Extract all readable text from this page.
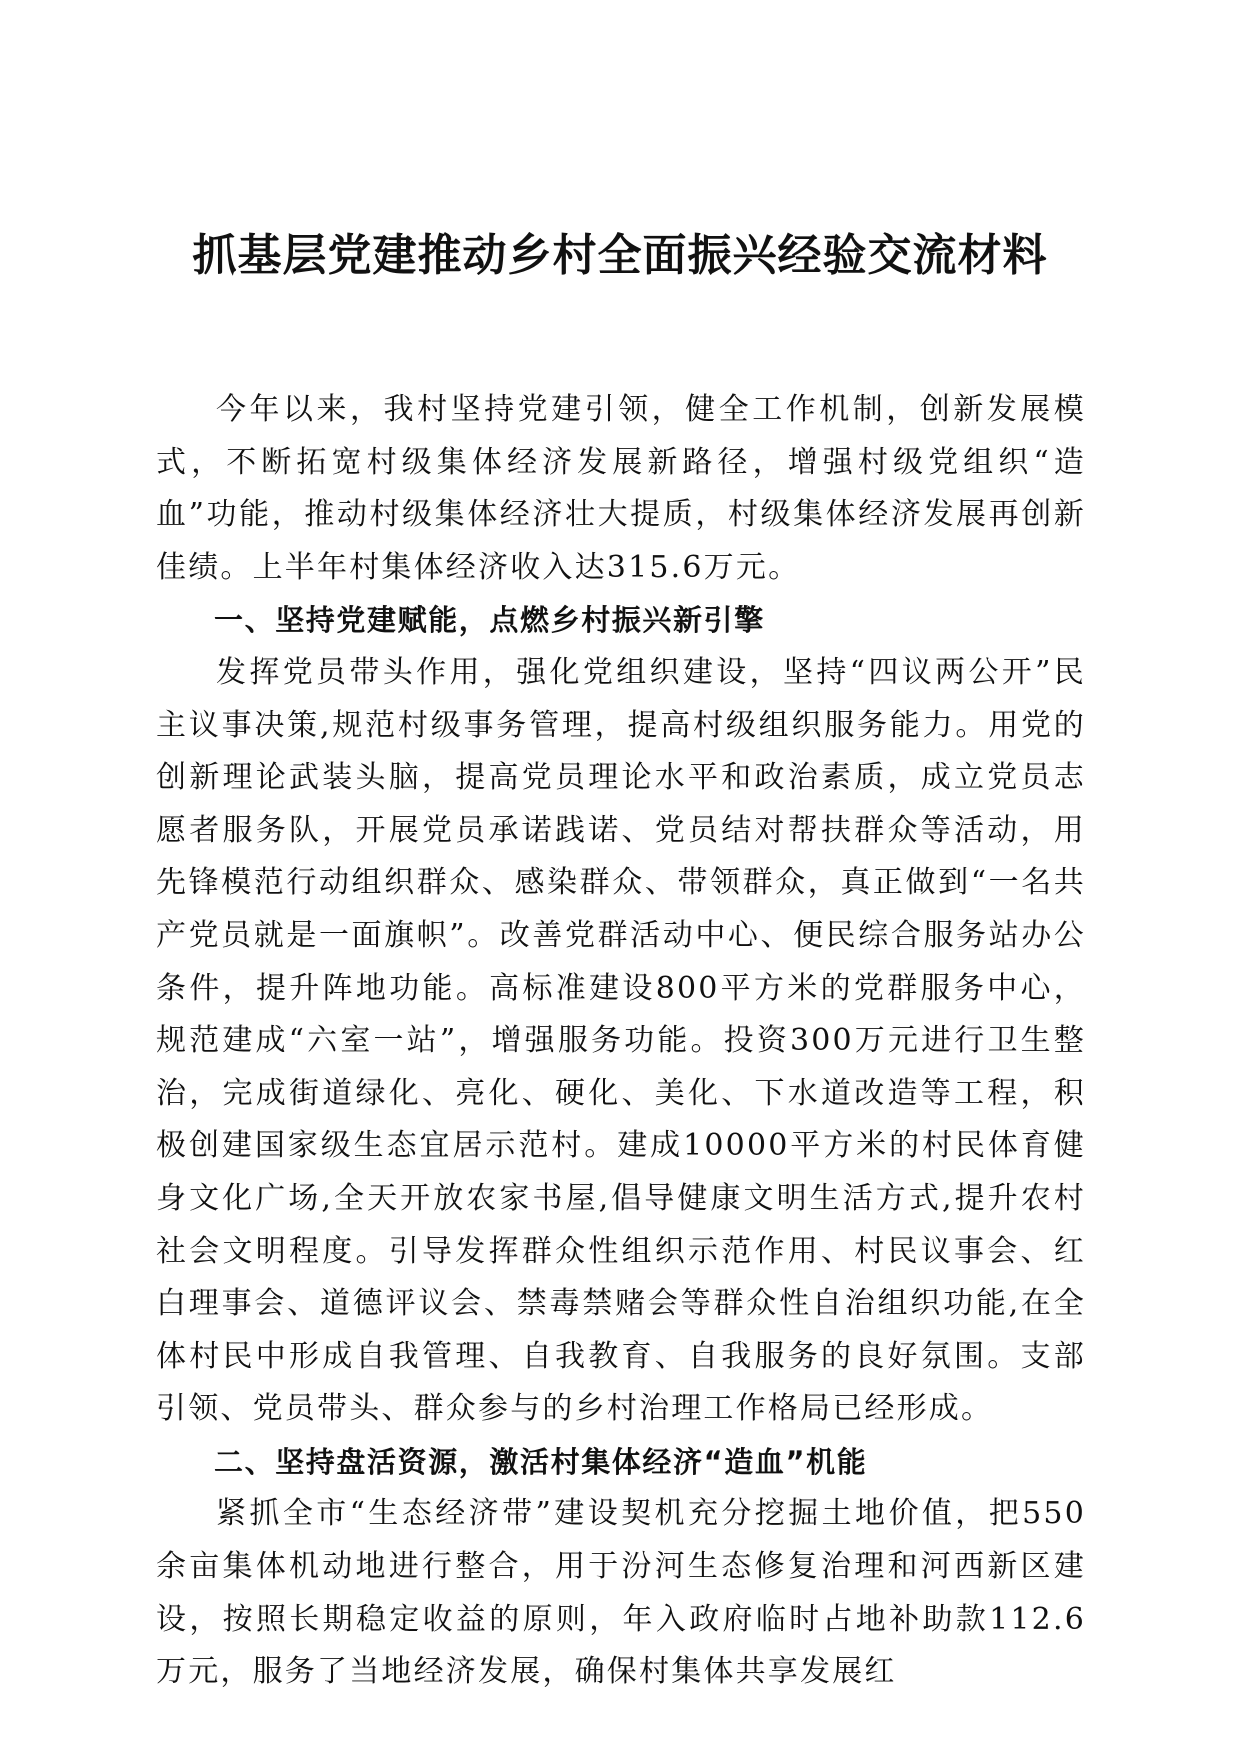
抓基层党建推动乡村全面振兴经验交流材料

今年以来，我村坚持党建引领，健全工作机制，创新发展模式，不断拓宽村级集体经济发展新路径，增强村级党组织“造血”功能，推动村级集体经济壮大提质，村级集体经济发展再创新佳绩。上半年村集体经济收入达315.6万元。

一、坚持党建赋能，点燃乡村振兴新引擎

发挥党员带头作用，强化党组织建设，坚持“四议两公开”民主议事决策,规范村级事务管理，提高村级组织服务能力。用党的创新理论武装头脑，提高党员理论水平和政治素质，成立党员志愿者服务队，开展党员承诺践诺、党员结对帮扶群众等活动，用先锋模范行动组织群众、感染群众、带领群众，真正做到“一名共产党员就是一面旗帜”。改善党群活动中心、便民综合服务站办公条件，提升阵地功能。高标准建设800平方米的党群服务中心，规范建成“六室一站”，增强服务功能。投资300万元进行卫生整治，完成街道绿化、亮化、硬化、美化、下水道改造等工程，积极创建国家级生态宜居示范村。建成10000平方米的村民体育健身文化广场,全天开放农家书屋,倡导健康文明生活方式,提升农村社会文明程度。引导发挥群众性组织示范作用、村民议事会、红白理事会、道德评议会、禁毒禁赌会等群众性自治组织功能,在全体村民中形成自我管理、自我教育、自我服务的良好氛围。支部引领、党员带头、群众参与的乡村治理工作格局已经形成。

二、坚持盘活资源，激活村集体经济“造血”机能

紧抓全市“生态经济带”建设契机充分挖掘土地价值，把550余亩集体机动地进行整合，用于汾河生态修复治理和河西新区建设，按照长期稳定收益的原则，年入政府临时占地补助款112.6万元，服务了当地经济发展，确保村集体共享发展红
